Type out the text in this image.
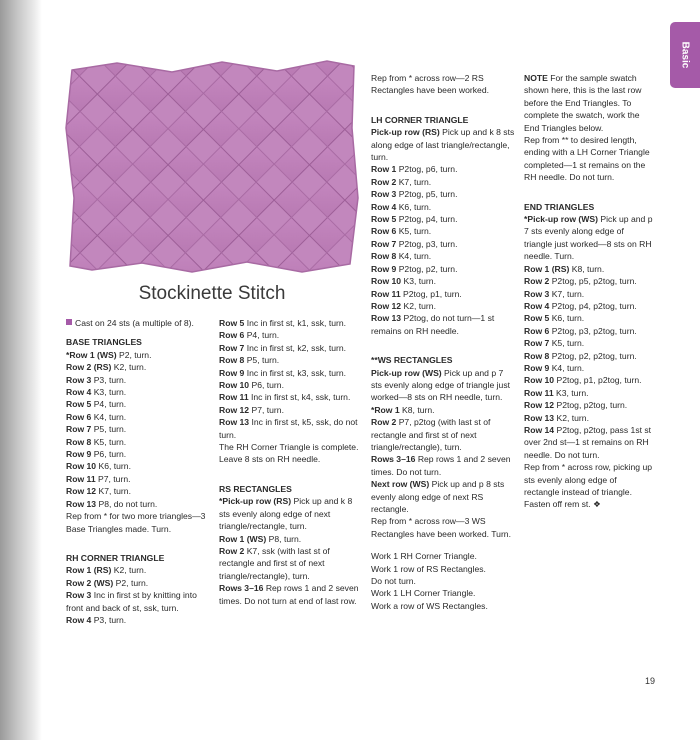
Basic
Stockinette Stitch

Cast on 24 sts (a multiple of 8).

BASE TRIANGLES

*Row 1 (WS) P2, turn.

Row 2 (RS) K2, turn.

Row 3 P3, turn.

Row 4 K3, turn.

Row 5 P4, turn.

Row 6 K4, turn.

Row 7 P5, turn.

Row 8 K5, turn.

Row 9 P6, turn.

Row 10 K6, turn.

Row 11 P7, turn.

Row 12 K7, turn.

Row 13 P8, do not turn.

Rep from * for two more triangles—3 Base Triangles made. Turn.

RH CORNER TRIANGLE

Row 1 (RS) K2, turn.

Row 2 (WS) P2, turn.

Row 3 Inc in first st by knitting into front and back of st, ssk, turn.

Row 4 P3, turn.

Row 5 Inc in first st, k1, ssk, turn.

Row 6 P4, turn.

Row 7 Inc in first st, k2, ssk, turn.

Row 8 P5, turn.

Row 9 Inc in first st, k3, ssk, turn.

Row 10 P6, turn.

Row 11 Inc in first st, k4, ssk, turn.

Row 12 P7, turn.

Row 13 Inc in first st, k5, ssk, do not turn.

The RH Corner Triangle is complete. Leave 8 sts on RH needle.

RS RECTANGLES

*Pick-up row (RS) Pick up and k 8 sts evenly along edge of next triangle/rectangle, turn.

Row 1 (WS) P8, turn.

Row 2 K7, ssk (with last st of rectangle and first st of next triangle/rectangle), turn.

Rows 3–16 Rep rows 1 and 2 seven times. Do not turn at end of last row.

Rep from * across row—2 RS Rectangles have been worked.

LH CORNER TRIANGLE

Pick-up row (RS) Pick up and k 8 sts along edge of last triangle/rectangle, turn.

Row 1 P2tog, p6, turn.

Row 2 K7, turn.

Row 3 P2tog, p5, turn.

Row 4 K6, turn.

Row 5 P2tog, p4, turn.

Row 6 K5, turn.

Row 7 P2tog, p3, turn.

Row 8 K4, turn.

Row 9 P2tog, p2, turn.

Row 10 K3, turn.

Row 11 P2tog, p1, turn.

Row 12 K2, turn.

Row 13 P2tog, do not turn—1 st remains on RH needle.

**WS RECTANGLES

Pick-up row (WS) Pick up and p 7 sts evenly along edge of triangle just worked—8 sts on RH needle, turn.

*Row 1 K8, turn.

Row 2 P7, p2tog (with last st of rectangle and first st of next triangle/rectangle), turn.

Rows 3–16 Rep rows 1 and 2 seven times. Do not turn.

Next row (WS) Pick up and p 8 sts evenly along edge of next RS rectangle.

Rep from * across row—3 WS Rectangles have been worked. Turn.

Work 1 RH Corner Triangle.

Work 1 row of RS Rectangles.

Do not turn.

Work 1 LH Corner Triangle.

Work a row of WS Rectangles.

NOTE For the sample swatch shown here, this is the last row before the End Triangles. To complete the swatch, work the End Triangles below.

Rep from ** to desired length, ending with a LH Corner Triangle completed—1 st remains on the RH needle. Do not turn.

END TRIANGLES

*Pick-up row (WS) Pick up and p 7 sts evenly along edge of triangle just worked—8 sts on RH needle. Turn.

Row 1 (RS) K8, turn.

Row 2 P2tog, p5, p2tog, turn.

Row 3 K7, turn.

Row 4 P2tog, p4, p2tog, turn.

Row 5 K6, turn.

Row 6 P2tog, p3, p2tog, turn.

Row 7 K5, turn.

Row 8 P2tog, p2, p2tog, turn.

Row 9 K4, turn.

Row 10 P2tog, p1, p2tog, turn.

Row 11 K3, turn.

Row 12 P2tog, p2tog, turn.

Row 13 K2, turn.

Row 14 P2tog, p2tog, pass 1st st over 2nd st—1 st remains on RH needle. Do not turn.

Rep from * across row, picking up sts evenly along edge of rectangle instead of triangle.

Fasten off rem st. ❖

19
